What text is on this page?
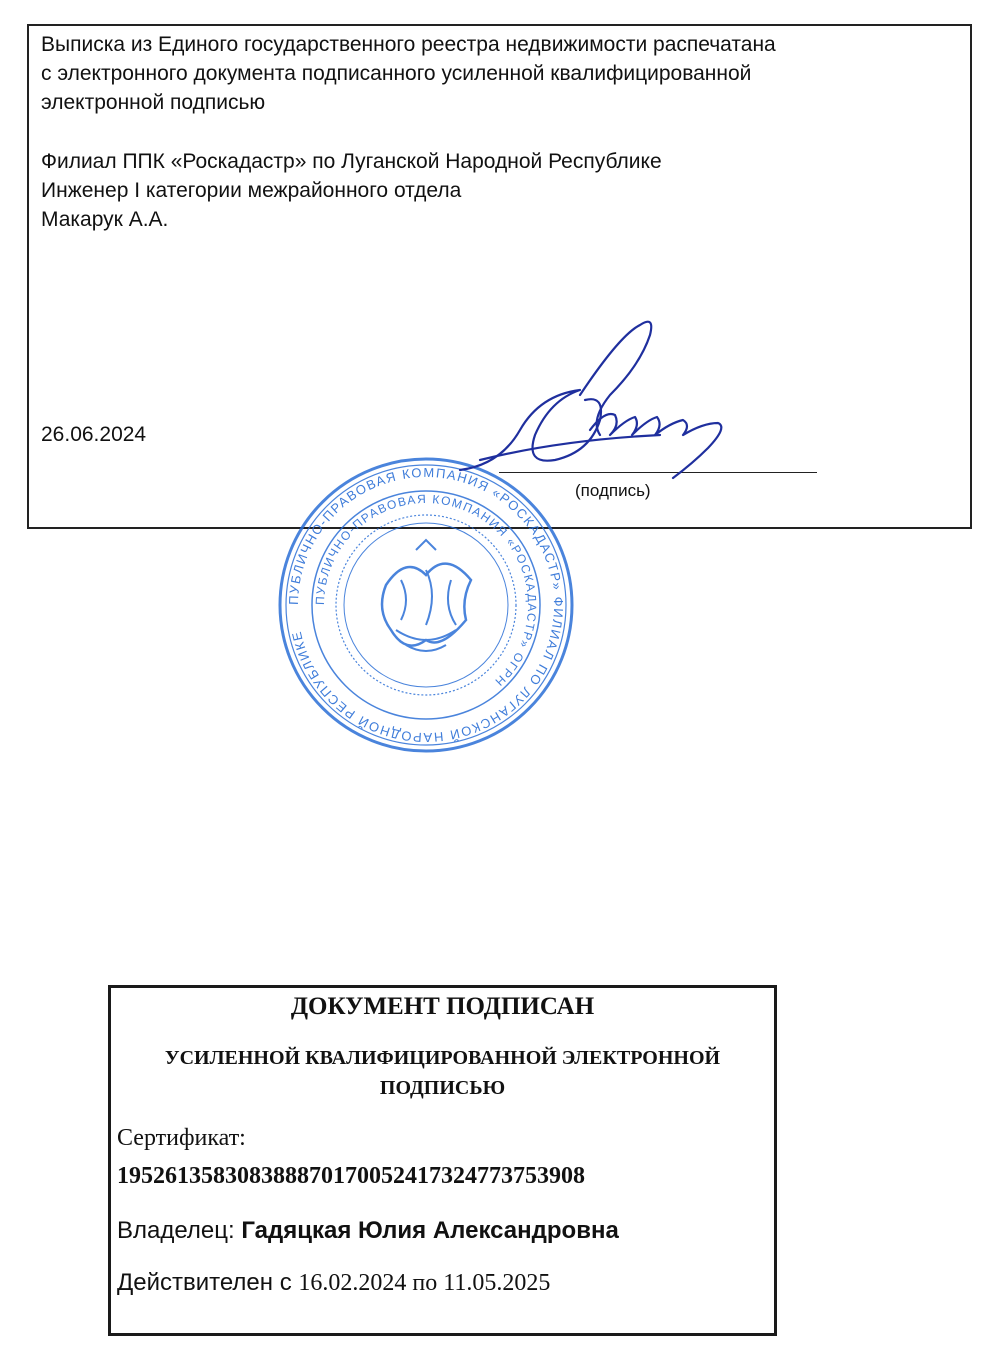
Выписка из Единого государственного реестра недвижимости распечатана
с электронного документа подписанного усиленной квалифицированной
электронной подписью
Филиал ППК «Роскадастр» по Луганской Народной Республике
Инженер I категории межрайонного отдела
Макарук А.А.
26.06.2024
(подпись)
ПУБЛИЧНО-ПРАВОВАЯ КОМПАНИЯ «РОСКАДАСТР» ФИЛИАЛ ПО ЛУГАНСКОЙ НАРОДНОЙ РЕСПУБЛИКЕ
ПУБЛИЧНО-ПРАВОВАЯ КОМПАНИЯ «РОСКАДАСТР» ОГРН
ДОКУМЕНТ ПОДПИСАН
УСИЛЕННОЙ КВАЛИФИЦИРОВАННОЙ ЭЛЕКТРОННОЙ
ПОДПИСЬЮ
Сертификат:
195261358308388870170052417324773753908
Владелец: Гадяцкая Юлия Александровна
Действителен с 16.02.2024 по 11.05.2025
